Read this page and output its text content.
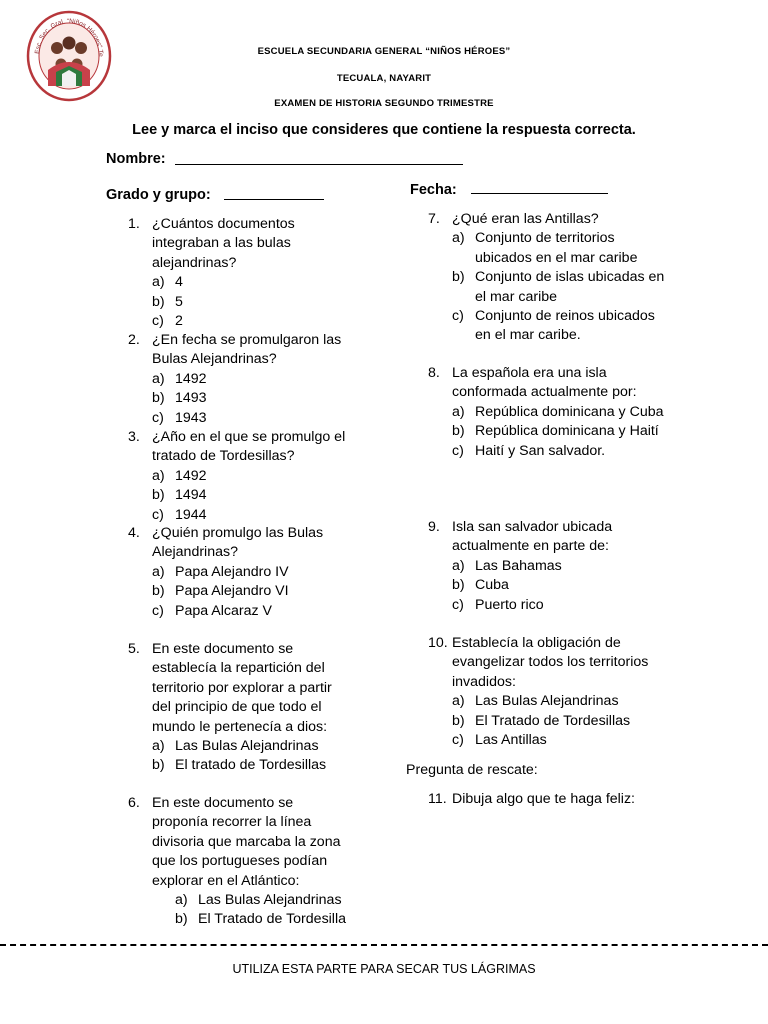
Esc. Sec. Gral. “Niños Héroes” Te	ESCUELA SECUNDARIA GENERAL “NIÑOS HÉROES”
TECUALA, NAYARIT
EXAMEN DE HISTORIA SEGUNDO TRIMESTRE
Lee y marca el inciso que consideres que contiene la respuesta correcta.
Nombre:
Grado y grupo:	Fecha:
1. ¿Cuántos documentos
integraban a las bulas
alejandrinas?
a) 4
b) 5
c) 2
2. ¿En fecha se promulgaron las
Bulas Alejandrinas?
a) 1492
b) 1493
c) 1943
3. ¿Año en el que se promulgo el
tratado de Tordesillas?
a) 1492
b) 1494
c) 1944
4. ¿Quién promulgo las Bulas
Alejandrinas?
a) Papa Alejandro IV
b) Papa Alejandro VI
c) Papa Alcaraz V
5. En este documento se
establecía la repartición del
territorio por explorar a partir
del principio de que todo el
mundo le pertenecía a dios:
a) Las Bulas Alejandrinas
b) El tratado de Tordesillas
6. En este documento se
proponía recorrer la línea
divisoria que marcaba la zona
que los portugueses podían
explorar en el Atlántico:
a) Las Bulas Alejandrinas
b) El Tratado de Tordesilla
7. ¿Qué eran las Antillas?
a) Conjunto de territorios ubicados en el mar caribe
b) Conjunto de islas ubicadas en el mar caribe
c) Conjunto de reinos ubicados en el mar caribe.
8. La española era una isla
conformada actualmente por:
a) República dominicana y Cuba
b) República dominicana y Haití
c) Haití y San salvador.
9. Isla san salvador ubicada
actualmente en parte de:
a) Las Bahamas
b) Cuba
c) Puerto rico
10. Establecía la obligación de
evangelizar todos los territorios
invadidos:
a) Las Bulas Alejandrinas
b) El Tratado de Tordesillas
c) Las Antillas
Pregunta de rescate:
11. Dibuja algo que te haga feliz:
UTILIZA ESTA PARTE PARA SECAR TUS LÁGRIMAS
